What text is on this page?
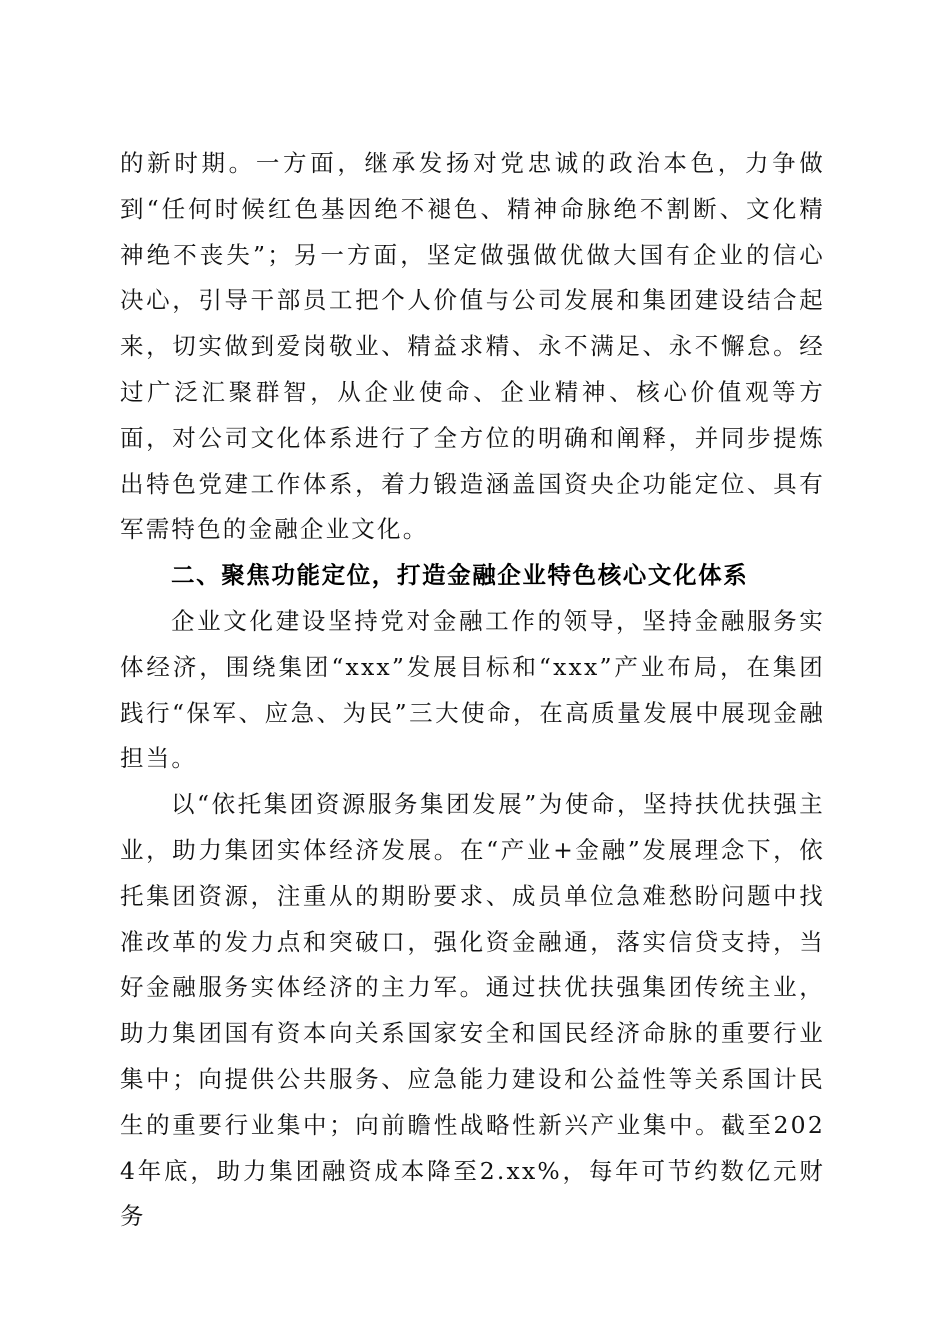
的新时期。一方面，继承发扬对党忠诚的政治本色，力争做到“任何时候红色基因绝不褪色、精神命脉绝不割断、文化精神绝不丧失”；另一方面，坚定做强做优做大国有企业的信心决心，引导干部员工把个人价值与公司发展和集团建设结合起来，切实做到爱岗敬业、精益求精、永不满足、永不懈怠。经过广泛汇聚群智，从企业使命、企业精神、核心价值观等方面，对公司文化体系进行了全方位的明确和阐释，并同步提炼出特色党建工作体系，着力锻造涵盖国资央企功能定位、具有军需特色的金融企业文化。

二、聚焦功能定位，打造金融企业特色核心文化体系

企业文化建设坚持党对金融工作的领导，坚持金融服务实体经济，围绕集团“xxx”发展目标和“xxx”产业布局，在集团践行“保军、应急、为民”三大使命，在高质量发展中展现金融担当。

以“依托集团资源服务集团发展”为使命，坚持扶优扶强主业，助力集团实体经济发展。在“产业+金融”发展理念下，依托集团资源，注重从的期盼要求、成员单位急难愁盼问题中找准改革的发力点和突破口，强化资金融通，落实信贷支持，当好金融服务实体经济的主力军。通过扶优扶强集团传统主业，助力集团国有资本向关系国家安全和国民经济命脉的重要行业集中；向提供公共服务、应急能力建设和公益性等关系国计民生的重要行业集中；向前瞻性战略性新兴产业集中。截至2024年底，助力集团融资成本降至2.xx%，每年可节约数亿元财务
